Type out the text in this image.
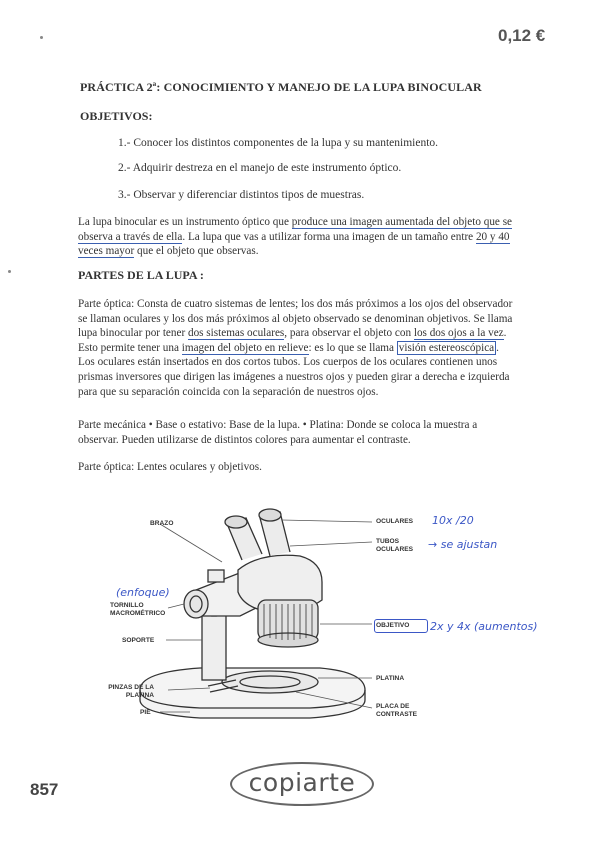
0,12 €
PRÁCTICA 2ª: CONOCIMIENTO Y MANEJO DE LA LUPA BINOCULAR
OBJETIVOS:
1.- Conocer los distintos componentes de la lupa y su mantenimiento.
2.- Adquirir destreza en el manejo de este instrumento óptico.
3.- Observar y diferenciar distintos tipos de muestras.

La lupa binocular es un instrumento óptico que produce una imagen aumentada del objeto que se observa a través de ella. La lupa que vas a utilizar forma una imagen de un tamaño entre 20 y 40 veces mayor que el objeto que observas.

PARTES DE LA LUPA :

Parte óptica: Consta de cuatro sistemas de lentes; los dos más próximos a los ojos del observador se llaman oculares y los dos más próximos al objeto observado se denominan objetivos. Se llama lupa binocular por tener dos sistemas oculares, para observar el objeto con los dos ojos a la vez. Esto permite tener una imagen del objeto en relieve: es lo que se llama visión estereoscópica . Los oculares están insertados en dos cortos tubos. Los cuerpos de los oculares contienen unos prismas inversores que dirigen las imágenes a nuestros ojos y pueden girar a derecha e izquierda para que su separación coincida con la separación de nuestros ojos.

Parte mecánica • Base o estativo: Base de la lupa. • Platina: Donde se coloca la muestra a observar. Pueden utilizarse de distintos colores para aumentar el contraste.
Parte óptica: Lentes oculares y objetivos.
BRAZO	OCULARES
TUBOS OCULARES
TORNILLO MACROMÉTRICO
SOPORTE
OBJETIVO
PLATINA
PINZAS DE LA PLATINA
PIE
PLACA DE CONTRASTE
10x /20
→ se ajustan
(enfoque)
2x y 4x (aumentos)
857	copiarte
